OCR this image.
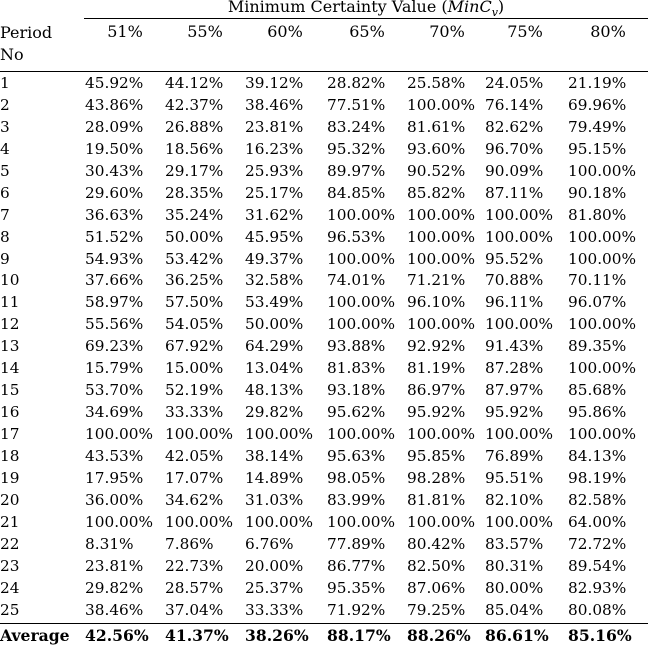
Minimum Certainty Value (MinC$_v$)
Period
No
51%	55%	60%	65%	70%	75%	80%
1	45.92% 44.12% 39.12% 28.82% 25.58% 24.05% 21.19%
2	43.86% 42.37% 38.46% 77.51% 100.00% 76.14% 69.96%
3	28.09% 26.88% 23.81% 83.24% 81.61% 82.62% 79.49%
4	19.50% 18.56% 16.23% 95.32% 93.60% 96.70% 95.15%
5	30.43% 29.17% 25.93% 89.97% 90.52% 90.09% 100.00%
6	29.60% 28.35% 25.17% 84.85% 85.82% 87.11% 90.18%
7	36.63% 35.24% 31.62% 100.00% 100.00% 100.00% 81.80%
8	51.52% 50.00% 45.95% 96.53% 100.00% 100.00% 100.00%
9	54.93% 53.42% 49.37% 100.00% 100.00% 95.52% 100.00%
10	37.66% 36.25% 32.58% 74.01% 71.21% 70.88% 70.11%
11	58.97% 57.50% 53.49% 100.00% 96.10% 96.11% 96.07%
12	55.56% 54.05% 50.00% 100.00% 100.00% 100.00% 100.00%
13	69.23% 67.92% 64.29% 93.88% 92.92% 91.43% 89.35%
14	15.79% 15.00% 13.04% 81.83% 81.19% 87.28% 100.00%
15	53.70% 52.19% 48.13% 93.18% 86.97% 87.97% 85.68%
16	34.69% 33.33% 29.82% 95.62% 95.92% 95.92% 95.86%
17	100.00% 100.00% 100.00% 100.00% 100.00% 100.00% 100.00%
18	43.53% 42.05% 38.14% 95.63% 95.85% 76.89% 84.13%
19	17.95% 17.07% 14.89% 98.05% 98.28% 95.51% 98.19%
20	36.00% 34.62% 31.03% 83.99% 81.81% 82.10% 82.58%
21	100.00% 100.00% 100.00% 100.00% 100.00% 100.00% 64.00%
22	8.31% 7.86% 6.76% 77.89% 80.42% 83.57% 72.72%
23	23.81% 22.73% 20.00% 86.77% 82.50% 80.31% 89.54%
24	29.82% 28.57% 25.37% 95.35% 87.06% 80.00% 82.93%
25	38.46% 37.04% 33.33% 71.92% 79.25% 85.04% 80.08%
Average 42.56% 41.37% 38.26% 88.17% 88.26% 86.61% 85.16%
